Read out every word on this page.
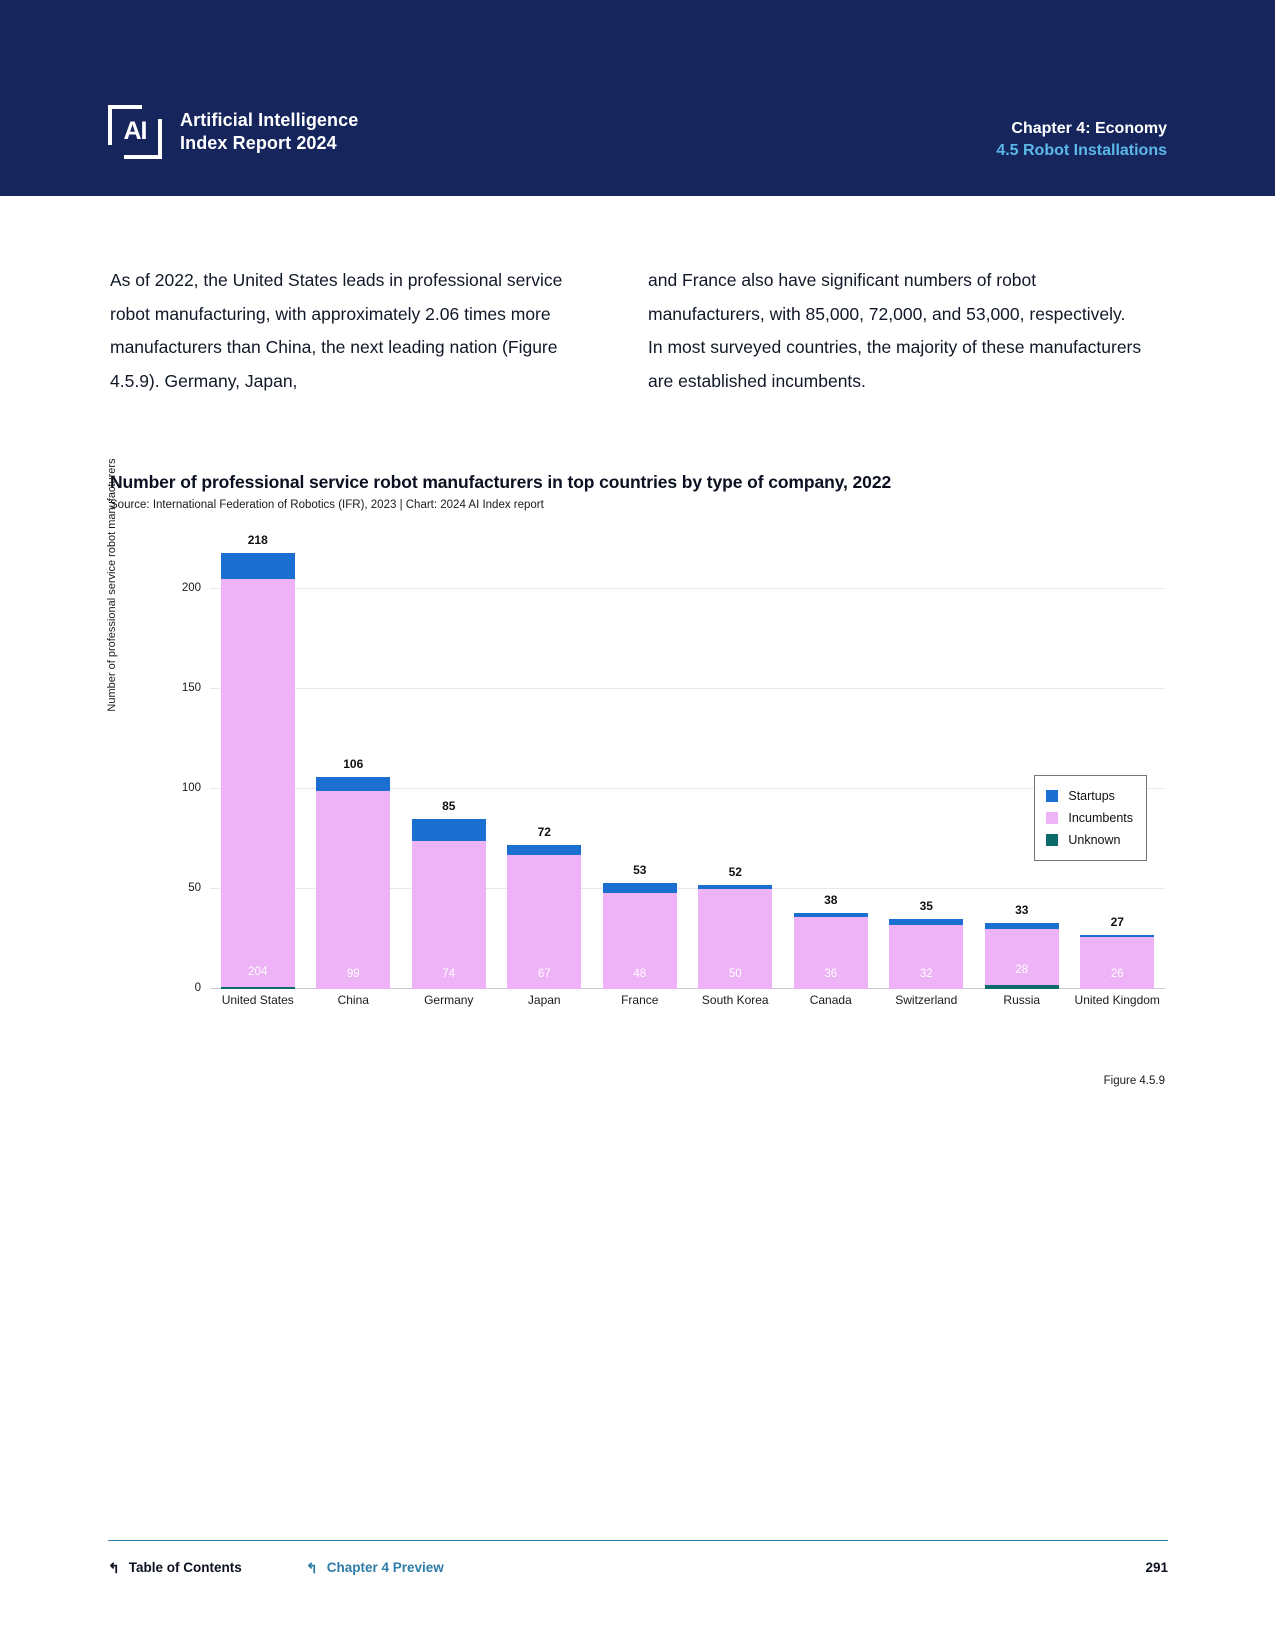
AI	Artificial Intelligence
Index Report 2024
Chapter 4: Economy
4.5 Robot Installations
As of 2022, the United States leads in professional service robot manufacturing, with approximately 2.06 times more manufacturers than China, the next leading nation (Figure 4.5.9). Germany, Japan,
and France also have significant numbers of robot manufacturers, with 85,000, 72,000, and 53,000, respectively. In most surveyed countries, the majority of these manufacturers are established incumbents.
Number of professional service robot manufacturers in top countries by type of company, 2022
Source: International Federation of Robotics (IFR), 2023 | Chart: 2024 AI Index report
Number of professional service robot manufacturers
0
50
100
150
200
204
218
99
106
74
85
67
72
48
53
50
52
36
38
32
35
28
33
26
27
United States	China	Germany	Japan	France	South Korea	Canada	Switzerland	Russia	United Kingdom
Startups
Incumbents
Unknown
Figure 4.5.9
↰ Table of Contents	↰ Chapter 4 Preview	291
